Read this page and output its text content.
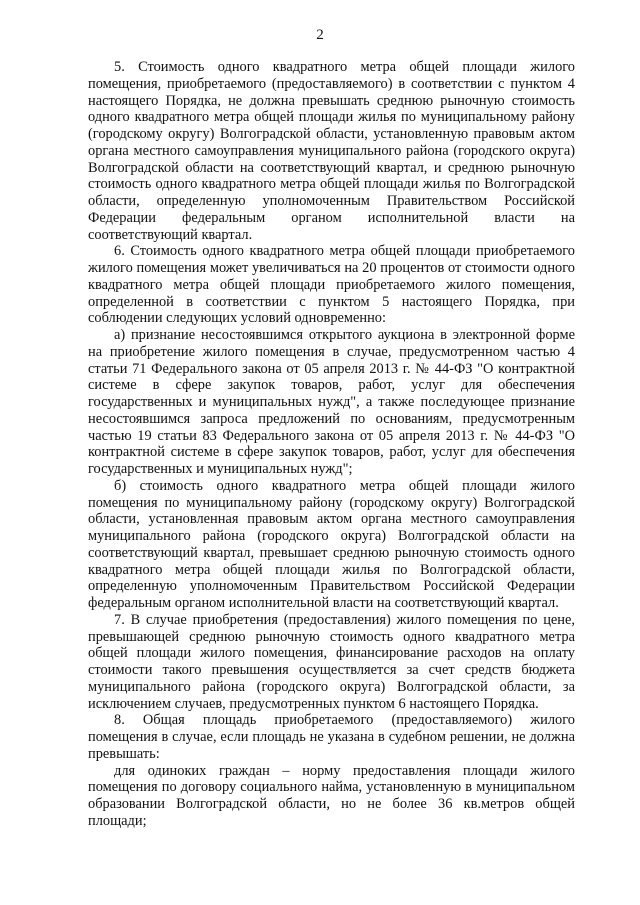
2

5. Стоимость одного квадратного метра общей площади жилого помещения, приобретаемого (предоставляемого) в соответствии с пунктом 4 настоящего Порядка, не должна превышать среднюю рыночную стоимость одного квадратного метра общей площади жилья по муниципальному району (городскому округу) Волгоградской области, установленную правовым актом органа местного самоуправления муниципального района (городского округа) Волгоградской области на соответствующий квартал, и среднюю рыночную стоимость одного квадратного метра общей площади жилья по Волгоградской области, определенную уполномоченным Правительством Российской Федерации федеральным органом исполнительной власти на соответствующий квартал.

6. Стоимость одного квадратного метра общей площади приобретаемого жилого помещения может увеличиваться на 20 процентов от стоимости одного квадратного метра общей площади приобретаемого жилого помещения, определенной в соответствии с пунктом 5 настоящего Порядка, при соблюдении следующих условий одновременно:

а) признание несостоявшимся открытого аукциона в электронной форме на приобретение жилого помещения в случае, предусмотренном частью 4 статьи 71 Федерального закона от 05 апреля 2013 г. № 44-ФЗ "О контрактной системе в сфере закупок товаров, работ, услуг для обеспечения государственных и муниципальных нужд", а также последующее признание несостоявшимся запроса предложений по основаниям, предусмотренным частью 19 статьи 83 Федерального закона от 05 апреля 2013 г. № 44-ФЗ "О контрактной системе в сфере закупок товаров, работ, услуг для обеспечения государственных и муниципальных нужд";

б) стоимость одного квадратного метра общей площади жилого помещения по муниципальному району (городскому округу) Волгоградской области, установленная правовым актом органа местного самоуправления муниципального района (городского округа) Волгоградской области на соответствующий квартал, превышает среднюю рыночную стоимость одного квадратного метра общей площади жилья по Волгоградской области, определенную уполномоченным Правительством Российской Федерации федеральным органом исполнительной власти на соответствующий квартал.

7. В случае приобретения (предоставления) жилого помещения по цене, превышающей среднюю рыночную стоимость одного квадратного метра общей площади жилого помещения, финансирование расходов на оплату стоимости такого превышения осуществляется за счет средств бюджета муниципального района (городского округа) Волгоградской области, за исключением случаев, предусмотренных пунктом 6 настоящего Порядка.

8. Общая площадь приобретаемого (предоставляемого) жилого помещения в случае, если площадь не указана в судебном решении, не должна превышать:

для одиноких граждан – норму предоставления площади жилого помещения по договору социального найма, установленную в муниципальном образовании Волгоградской области, но не более 36 кв.метров общей площади;
